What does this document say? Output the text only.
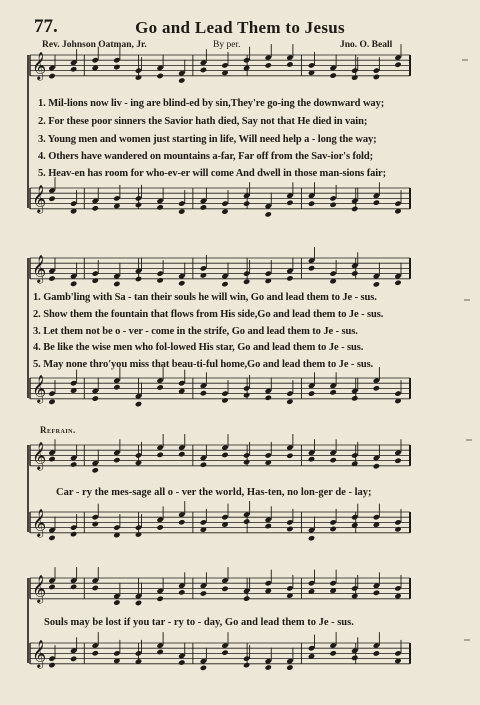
77.	Go and Lead Them to Jesus
Rev. Johnson Oatman, Jr.	By per.	Jno. O. Beall
𝄞
𝄞
𝄞
𝄞
𝄞
𝄞
𝄞
𝄞
1. Mil-lions now liv - ing are blind-ed by sin,They're go-ing the downward way;
2. For these poor sinners the Savior hath died, Say not that He died in vain;
3. Young men and women just starting in life, Will need help a - long the way;
4. Others have wandered on mountains a-far, Far off from the Sav-ior's fold;
5. Heav-en has room for who-ev-er will come And dwell in those man-sions fair;
1. Gamb'ling with Sa - tan their souls he will win, Go and lead them to Je - sus.
2. Show them the fountain that flows from His side,Go and lead them to Je - sus.
3. Let them not be o - ver - come in the strife, Go and lead them to Je - sus.
4. Be like the wise men who fol-lowed His star, Go and lead them to Je - sus.
5. May none thro'you miss that beau-ti-ful home,Go and lead them to Je - sus.
Refrain.
Car - ry the mes-sage all o - ver the world, Has-ten, no lon-ger de - lay;
Souls may be lost if you tar - ry to - day, Go and lead them to Je - sus.
